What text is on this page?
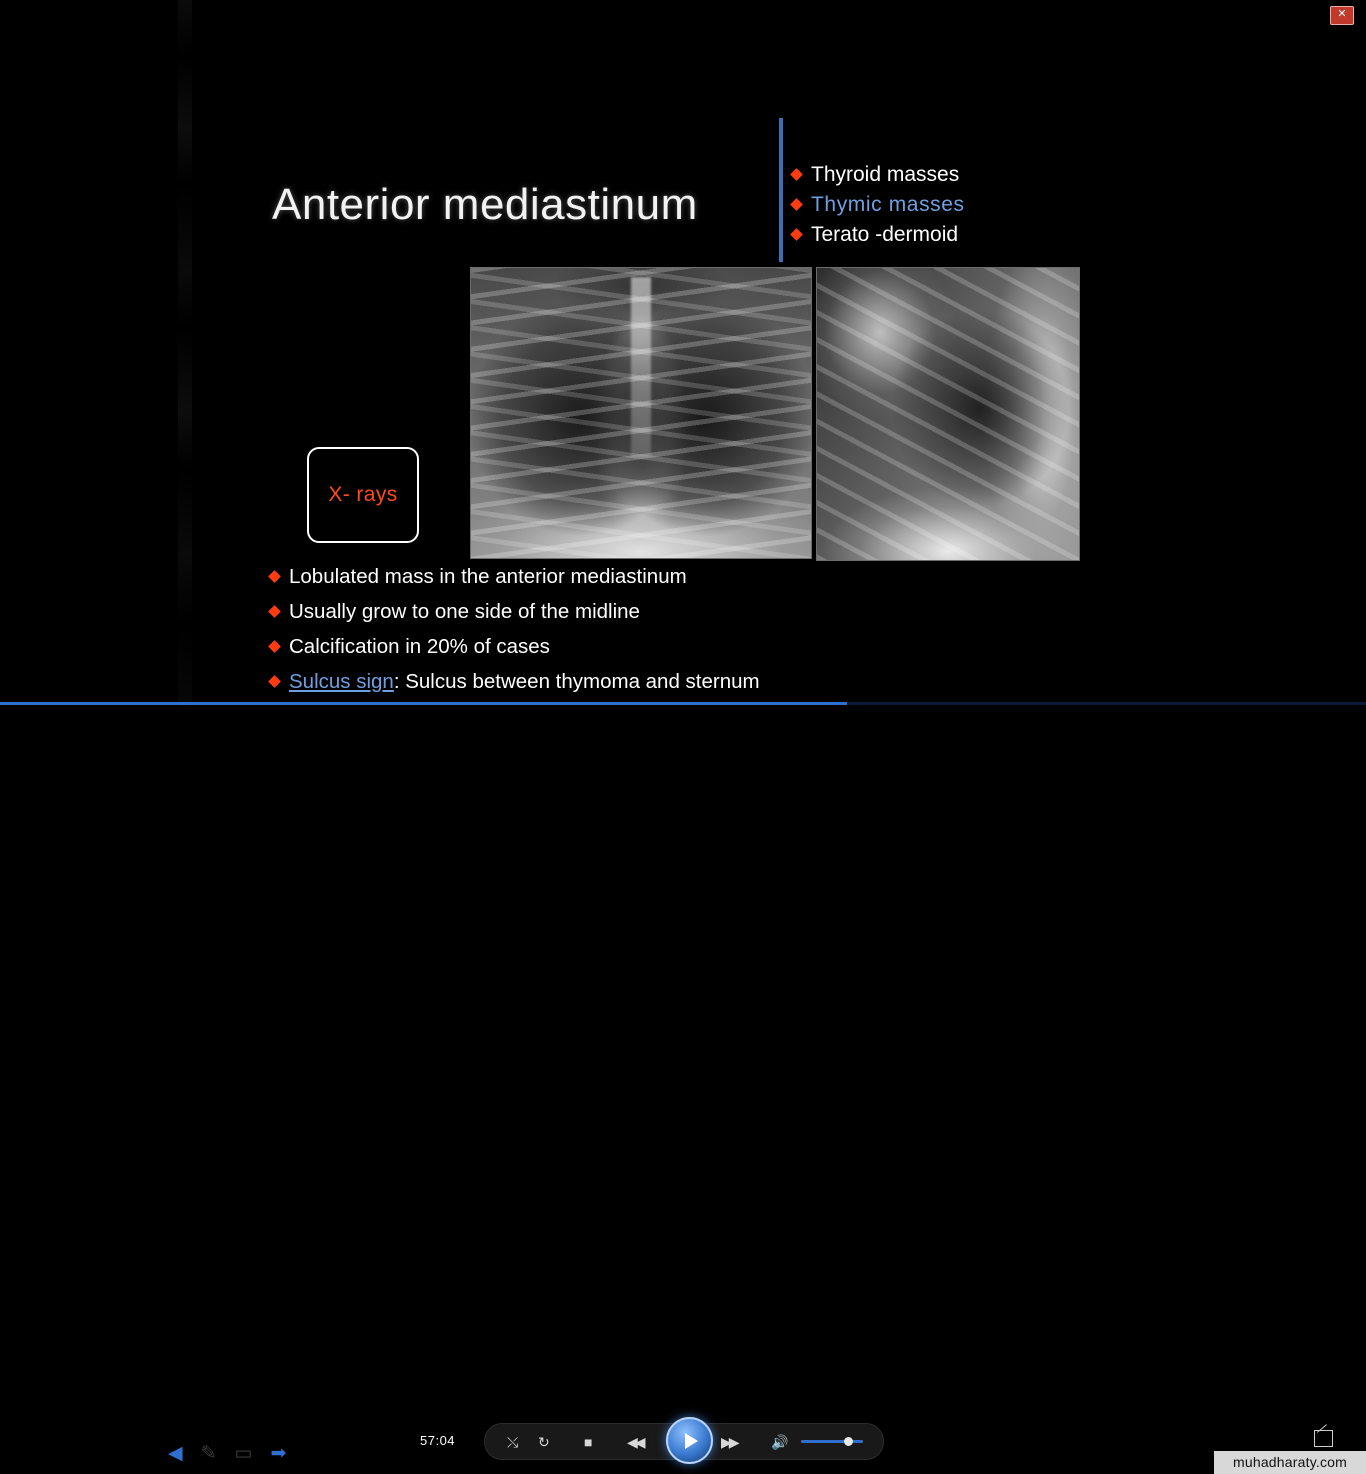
✕
Anterior mediastinum
Thyroid masses
Thymic masses
Terato -dermoid
X- rays
Lobulated mass in the anterior mediastinum
Usually grow to one side of the midline
Calcification in 20% of cases
Sulcus sign: Sulcus between thymoma and sternum
◀ ✎ ▭ ➡
57:04	⤯ ↻ ■ ◀◀	▶▶ 🔊
muhadharaty.com
